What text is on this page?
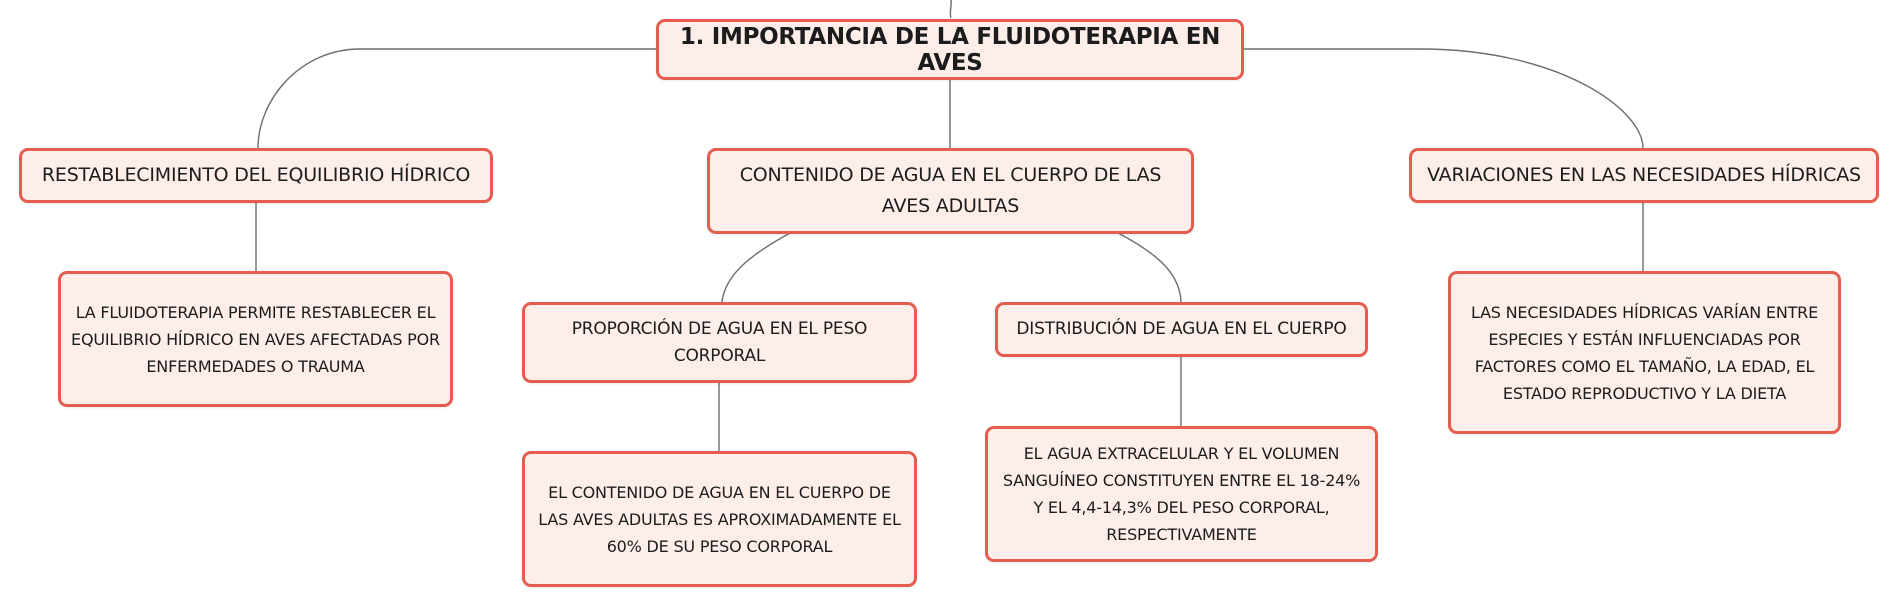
1. IMPORTANCIA DE LA FLUIDOTERAPIA EN AVES
RESTABLECIMIENTO DEL EQUILIBRIO HÍDRICO	CONTENIDO DE AGUA EN EL CUERPO DE LAS AVES ADULTAS
VARIACIONES EN LAS NECESIDADES HÍDRICAS
LA FLUIDOTERAPIA PERMITE RESTABLECER EL EQUILIBRIO HÍDRICO EN AVES AFECTADAS POR ENFERMEDADES O TRAUMA
PROPORCIÓN DE AGUA EN EL PESO CORPORAL
DISTRIBUCIÓN DE AGUA EN EL CUERPO
EL CONTENIDO DE AGUA EN EL CUERPO DE LAS AVES ADULTAS ES APROXIMADAMENTE EL 60% DE SU PESO CORPORAL
EL AGUA EXTRACELULAR Y EL VOLUMEN SANGUÍNEO CONSTITUYEN ENTRE EL 18-24% Y EL 4,4-14,3% DEL PESO CORPORAL, RESPECTIVAMENTE
LAS NECESIDADES HÍDRICAS VARÍAN ENTRE ESPECIES Y ESTÁN INFLUENCIADAS POR FACTORES COMO EL TAMAÑO, LA EDAD, EL ESTADO REPRODUCTIVO Y LA DIETA
